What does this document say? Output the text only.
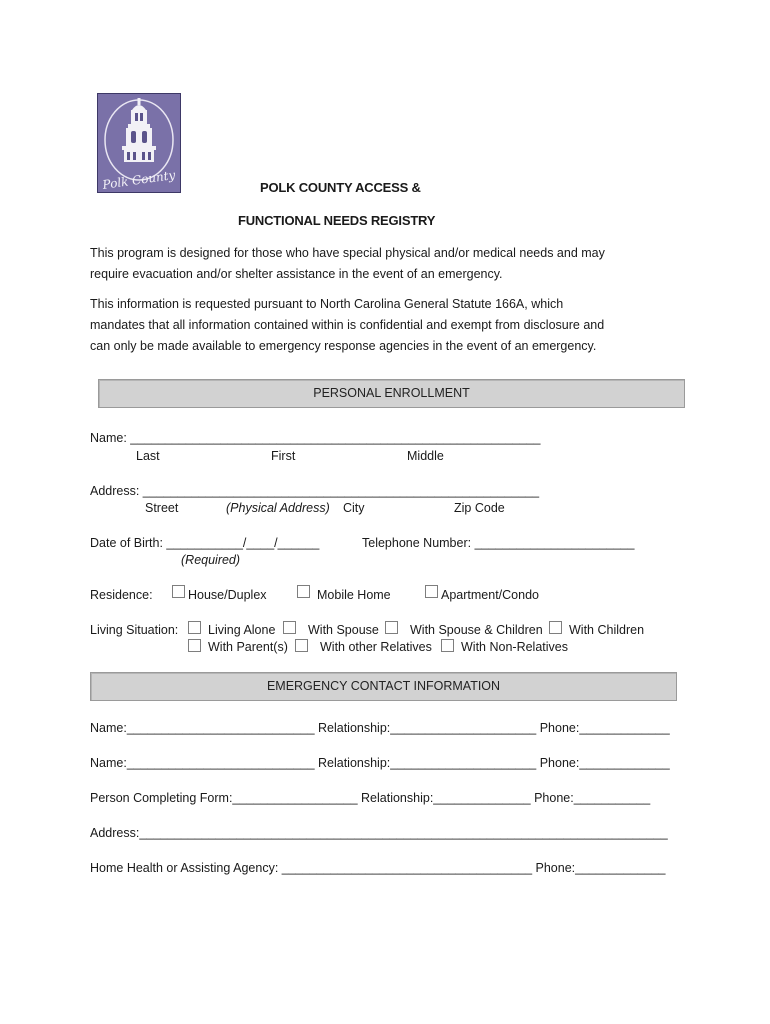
Polk County	POLK COUNTY ACCESS &
FUNCTIONAL NEEDS REGISTRY
This program is designed for those who have special physical and/or medical needs and may
require evacuation and/or shelter assistance in the event of an emergency.
This information is requested pursuant to North Carolina General Statute 166A, which
mandates that all information contained within is confidential and exempt from disclosure and
can only be made available to emergency response agencies in the event of an emergency.
PERSONAL ENROLLMENT
Name: ___________________________________________________________
Last	First	Middle
Address: _________________________________________________________
Street	(Physical Address) City	Zip Code
Date of Birth: ___________/____/______
(Required)
Telephone Number: _______________________
Residence:	House/Duplex	Mobile Home	Apartment/Condo
Living Situation: Living Alone	With Spouse With Spouse & Children With Children
With Parent(s)	With other Relatives With Non-Relatives
EMERGENCY CONTACT INFORMATION
Name:___________________________ Relationship:_____________________ Phone:_____________
Name:___________________________ Relationship:_____________________ Phone:_____________
Person Completing Form:__________________ Relationship:______________ Phone:___________
Address:____________________________________________________________________________
Home Health or Assisting Agency: ____________________________________ Phone:_____________
